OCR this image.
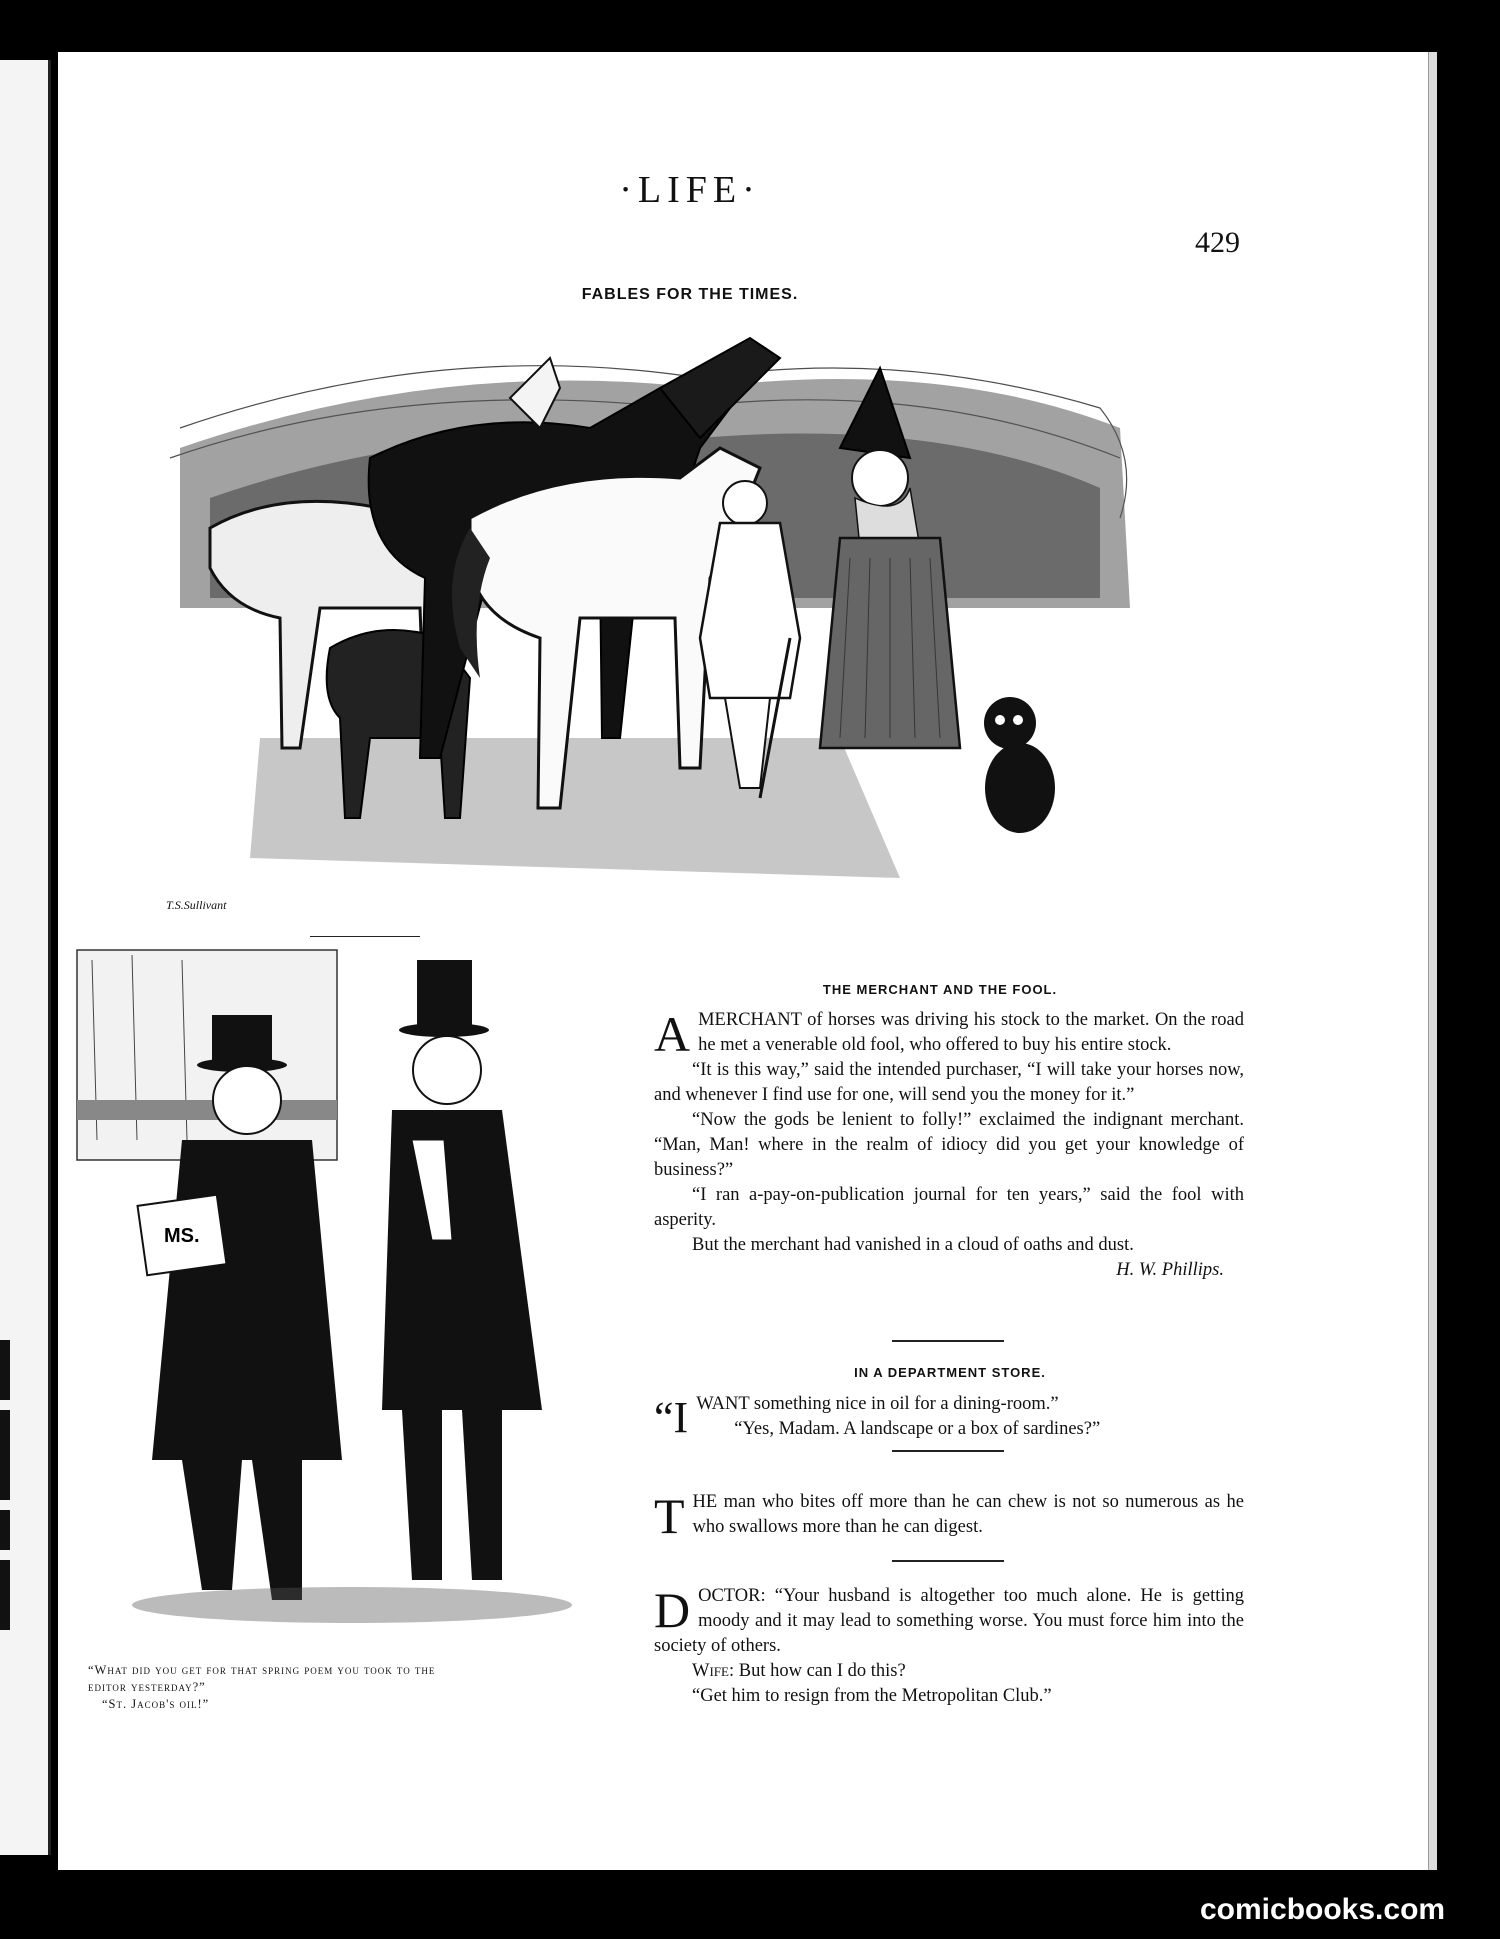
·LIFE·
429
FABLES FOR THE TIMES.
T.S.Sullivant
MS.
THE MERCHANT AND THE FOOL.

AMERCHANT of horses was driving his stock to the market. On the road he met a venerable old fool, who offered to buy his entire stock.

“It is this way,” said the intended purchaser, “I will take your horses now, and whenever I find use for one, will send you the money for it.”

“Now the gods be lenient to folly!” exclaimed the indignant merchant. “Man, Man! where in the realm of idiocy did you get your knowledge of business?”

“I ran a-pay-on-publication journal for ten years,” said the fool with asperity.

But the merchant had vanished in a cloud of oaths and dust.

H. W. Phillips.
IN A DEPARTMENT STORE.

“IWANT something nice in oil for a dining-room.”

“Yes, Madam. A landscape or a box of sardines?”

THE man who bites off more than he can chew is not so numerous as he who swallows more than he can digest.

DOCTOR: “Your husband is altogether too much alone. He is getting moody and it may lead to something worse. You must force him into the society of others.

Wife: But how can I do this?

“Get him to resign from the Metropolitan Club.”

“What did you get for that spring poem you took to the
editor yesterday?”
“St. Jacob's oil!”
comicbooks.com
